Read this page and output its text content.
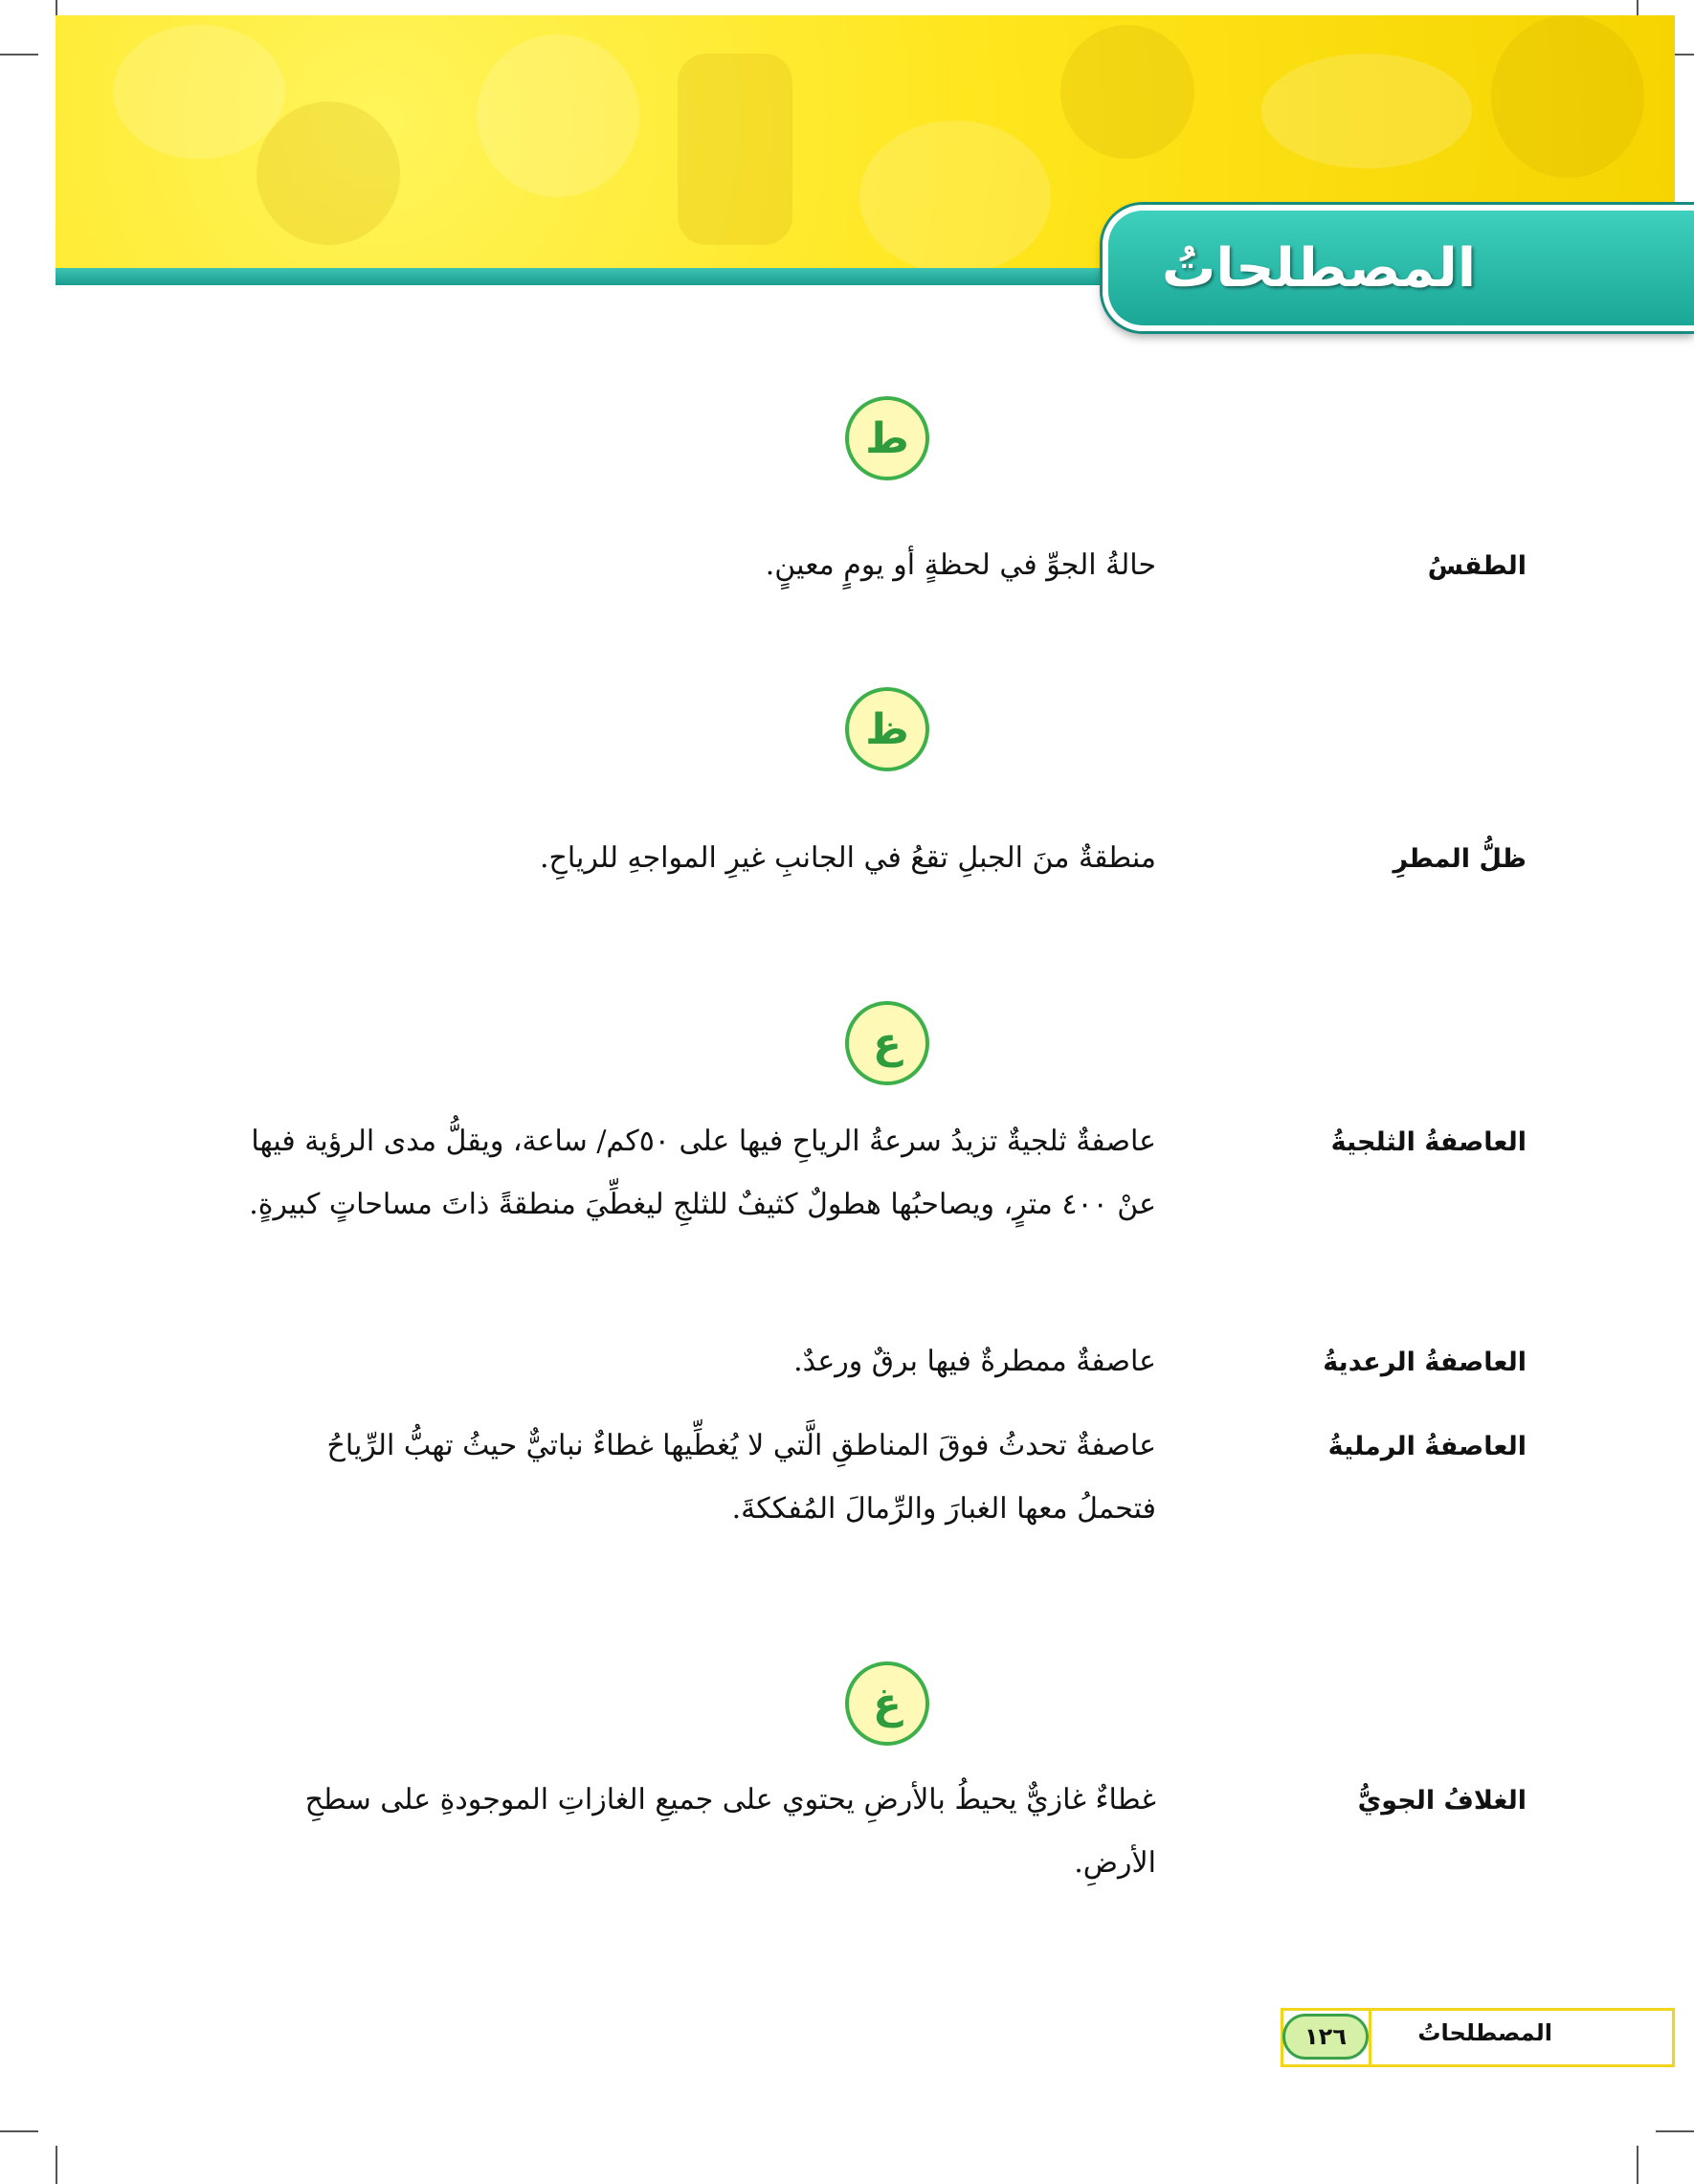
المصطلحاتُ
ط
الطقسُ
حالةُ الجوِّ في لحظةٍ أو يومٍ معينٍ.
ظ
ظلُّ المطرِ
منطقةٌ منَ الجبلِ تقعُ في الجانبِ غيرِ المواجهِ للرياحِ.
ع
العاصفةُ الثلجيةُ
عاصفةٌ ثلجيةٌ تزيدُ سرعةُ الرياحِ فيها على ٥٠كم/ ساعة، ويقلُّ مدى الرؤية فيها عنْ ٤٠٠ مترٍ، ويصاحبُها هطولٌ كثيفٌ للثلجِ ليغطِّيَ منطقةً ذاتَ مساحاتٍ كبيرةٍ.
العاصفةُ الرعديةُ
عاصفةٌ ممطرةٌ فيها برقٌ ورعدٌ.
العاصفةُ الرمليةُ
عاصفةٌ تحدثُ فوقَ المناطقِ الَّتي لا يُغطِّيها غطاءٌ نباتيٌّ حيثُ تهبُّ الرِّياحُ فتحملُ معها الغبارَ والرِّمالَ المُفككةَ.
غ
الغلافُ الجويُّ
غطاءٌ غازيٌّ يحيطُ بالأرضِ يحتوي على جميعِ الغازاتِ الموجودةِ على سطحِ الأرضِ.
المصطلحاتُ
١٢٦
